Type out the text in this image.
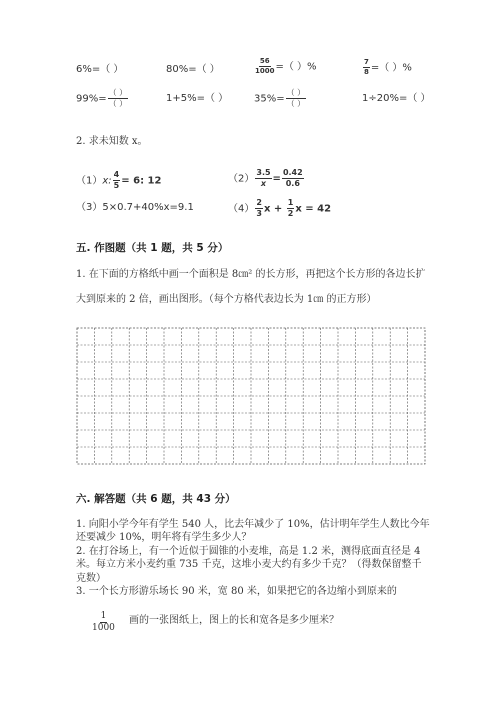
6%=（ ）	80%=（ ）	$\frac{56}{1000}$ =（ ）%	$\frac{7}{8}$ =（ ）%
$99\%= \frac{( )}{( )}$	1+5%=（ ）	$35\%= \frac{( )}{( )}$	1÷20%=（ ）
2. 求未知数 x。
（1）x: $\frac{4}{5} = 6$: 12	$(2) \frac{3.5}{x} = \frac{0.42}{0.6}$
（3）5×0.7+40%x=9.1	$(4) \frac{2}{3}$ $x + \frac{1}{2}$ x = 42
五. 作图题（共 1 题，共 5 分）
1. 在下面的方格纸中画一个面积是 8㎝² 的长方形，再把这个长方形的各边长扩
大到原来的 2 倍，画出图形。（每个方格代表边长为 1㎝ 的正方形）
六. 解答题（共 6 题，共 43 分）
1. 向阳小学今年有学生 540 人，比去年减少了 10%，估计明年学生人数比今年
还要减少 10%，明年将有学生多少人？
2. 在打谷场上，有一个近似于圆锥的小麦堆，高是 1.2 米，测得底面直径是 4
米。每立方米小麦约重 735 千克，这堆小麦大约有多少千克？（得数保留整千
克数）
3. 一个长方形游乐场长 90 米，宽 80 米，如果把它的各边缩小到原来的
$\frac{1}{1000}$ 画的一张图纸上，图上的长和宽各是多少厘米？
